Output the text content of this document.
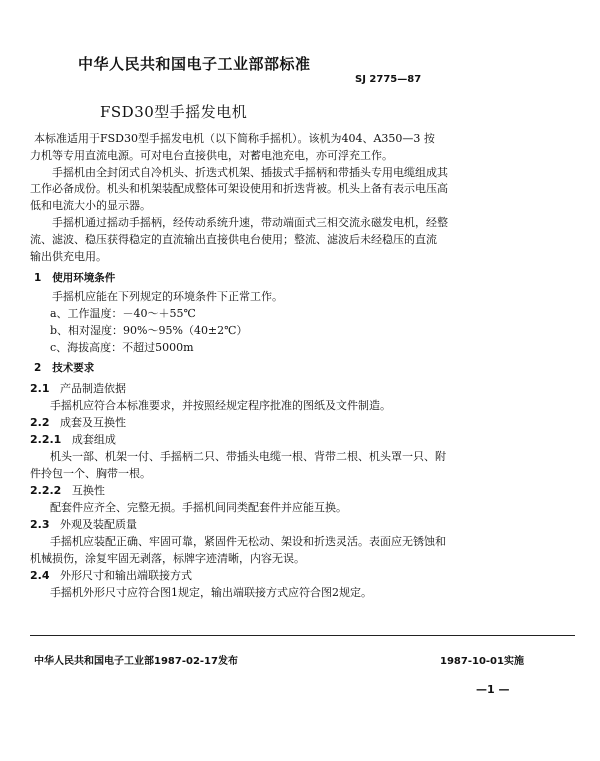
中华人民共和国电子工业部部标准
SJ 2775—87
FSD30型手摇发电机
本标准适用于FSD30型手摇发电机（以下简称手摇机）。该机为404、A350—3 按
力机等专用直流电源。可对电台直接供电，对蓄电池充电，亦可浮充工作。
手摇机由全封闭式自冷机头、折迭式机架、插拔式手摇柄和带插头专用电缆组成其
工作必备成份。机头和机架装配成整体可架设使用和折迭背被。机头上备有表示电压高
低和电流大小的显示器。
手摇机通过摇动手摇柄，经传动系统升速，带动端面式三相交流永磁发电机，经整
流、滤波、稳压获得稳定的直流输出直接供电台使用；整流、滤波后未经稳压的直流
输出供充电用。
1 使用环境条件
手摇机应能在下列规定的环境条件下正常工作。
a、工作温度：－40～＋55℃
b、相对湿度：90%～95%（40±2℃）
c、海拔高度：不超过5000m
2 技术要求
2.1 产品制造依据
手摇机应符合本标准要求，并按照经规定程序批准的图纸及文件制造。
2.2 成套及互换性
2.2.1 成套组成
机头一部、机架一付、手摇柄二只、带插头电缆一根、背带二根、机头罩一只、附
件拎包一个、胸带一根。
2.2.2 互换性
配套件应齐全、完整无损。手摇机间同类配套件并应能互换。
2.3 外观及装配质量
手摇机应装配正确、牢固可靠，紧固件无松动、架设和折迭灵活。表面应无锈蚀和
机械损伤，涂复牢固无剥落，标牌字迹清晰，内容无误。
2.4 外形尺寸和输出端联接方式
手摇机外形尺寸应符合图1规定，输出端联接方式应符合图2规定。
中华人民共和国电子工业部1987-02-17发布	1987-10-01实施
—1 —
